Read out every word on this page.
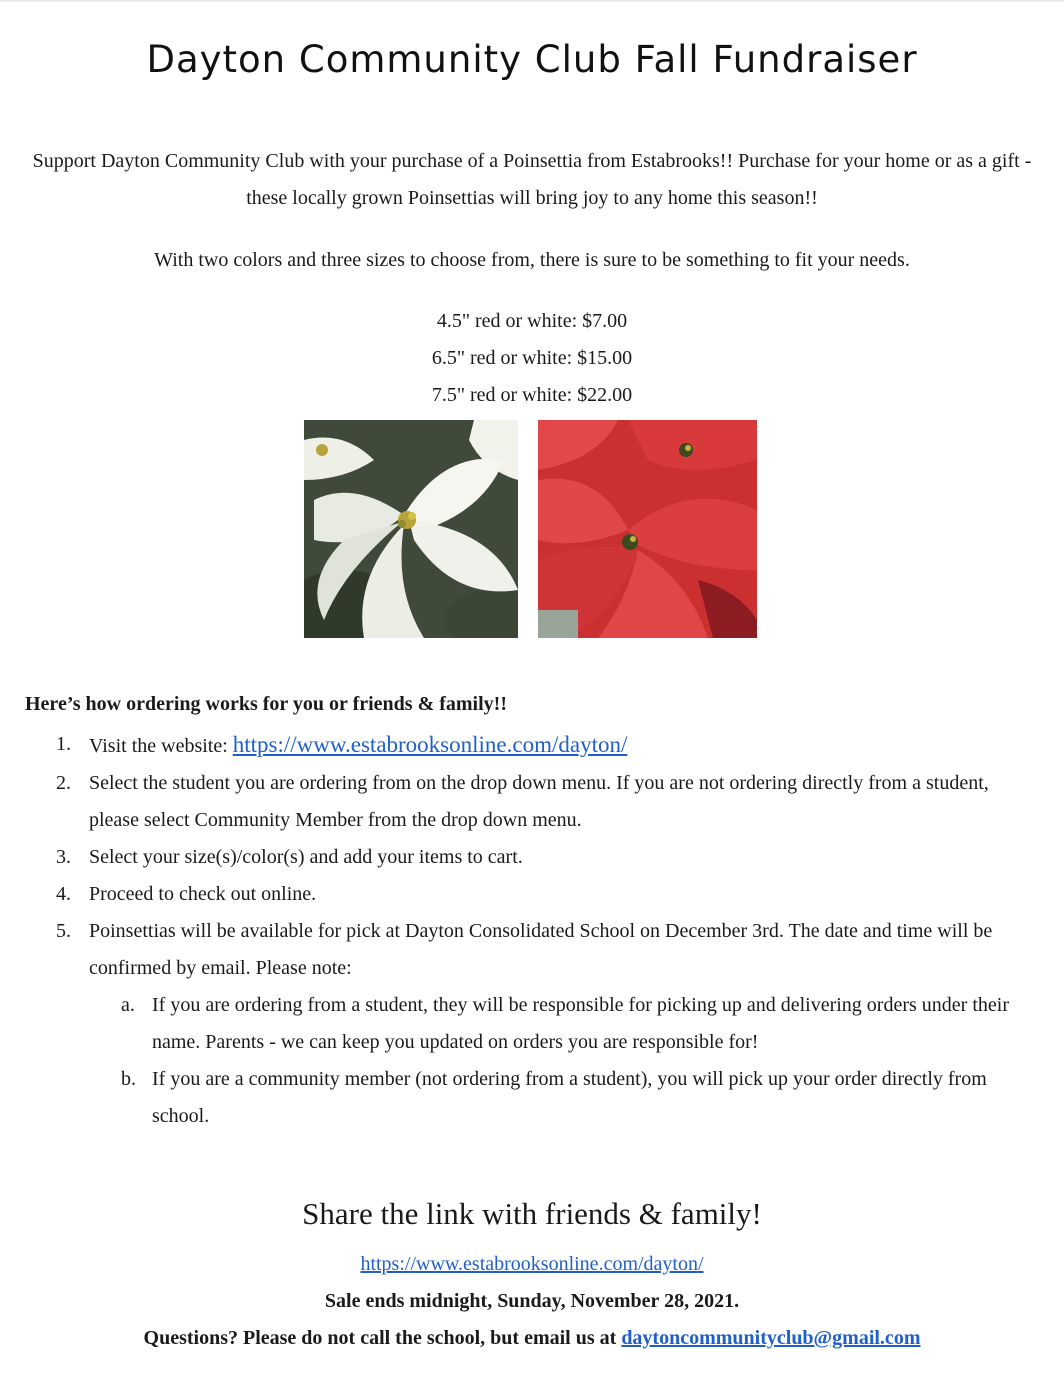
Dayton Community Club Fall Fundraiser
Support Dayton Community Club with your purchase of a Poinsettia from Estabrooks!! Purchase for your home or as a gift - these locally grown Poinsettias will bring joy to any home this season!!
With two colors and three sizes to choose from, there is sure to be something to fit your needs.
4.5" red or white: $7.00
6.5" red or white: $15.00
7.5" red or white: $22.00
Here’s how ordering works for you or friends & family!!
1. Visit the website: https://www.estabrooksonline.com/dayton/
2. Select the student you are ordering from on the drop down menu. If you are not ordering directly from a student, please select Community Member from the drop down menu.
3. Select your size(s)/color(s) and add your items to cart.
4. Proceed to check out online.
5. Poinsettias will be available for pick at Dayton Consolidated School on December 3rd. The date and time will be confirmed by email. Please note:
a. If you are ordering from a student, they will be responsible for picking up and delivering orders under their name. Parents - we can keep you updated on orders you are responsible for!
b. If you are a community member (not ordering from a student), you will pick up your order directly from school.
Share the link with friends & family!
https://www.estabrooksonline.com/dayton/
Sale ends midnight, Sunday, November 28, 2021.
Questions? Please do not call the school, but email us at daytoncommunityclub@gmail.com
